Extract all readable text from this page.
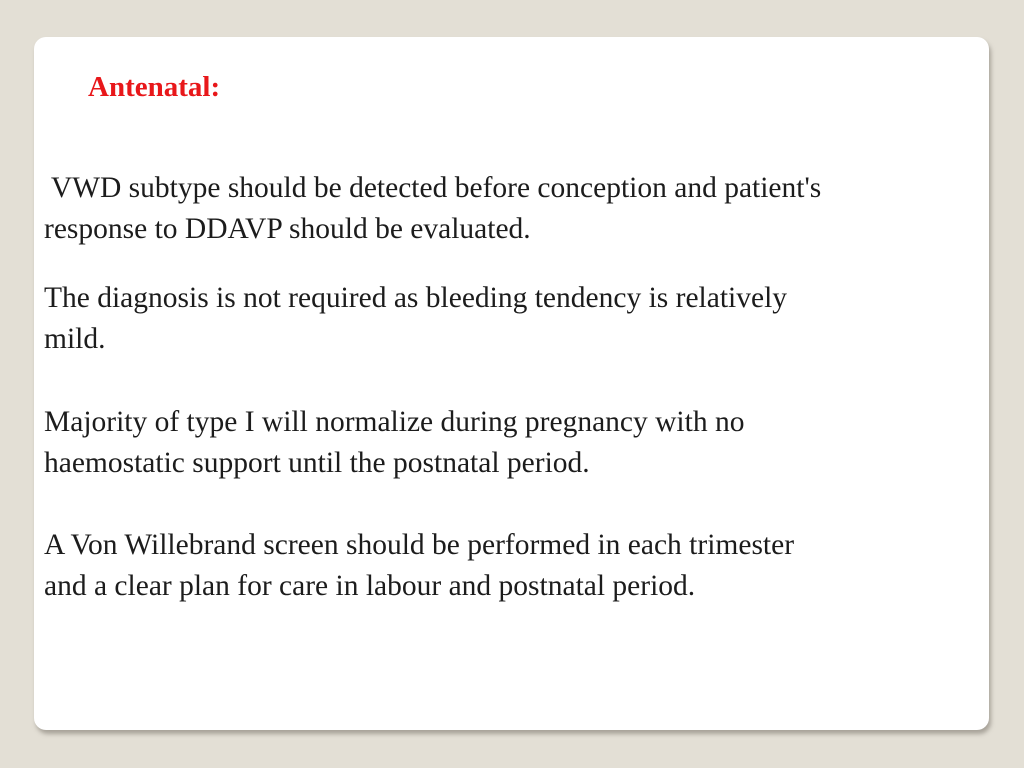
Antenatal:

VWD subtype should be detected before conception and patient's
response to DDAVP should be evaluated.

The diagnosis is not required as bleeding tendency is relatively
mild.

Majority of type I will normalize during pregnancy with no
haemostatic support until the postnatal period.

A Von Willebrand screen should be performed in each trimester
and a clear plan for care in labour and postnatal period.
